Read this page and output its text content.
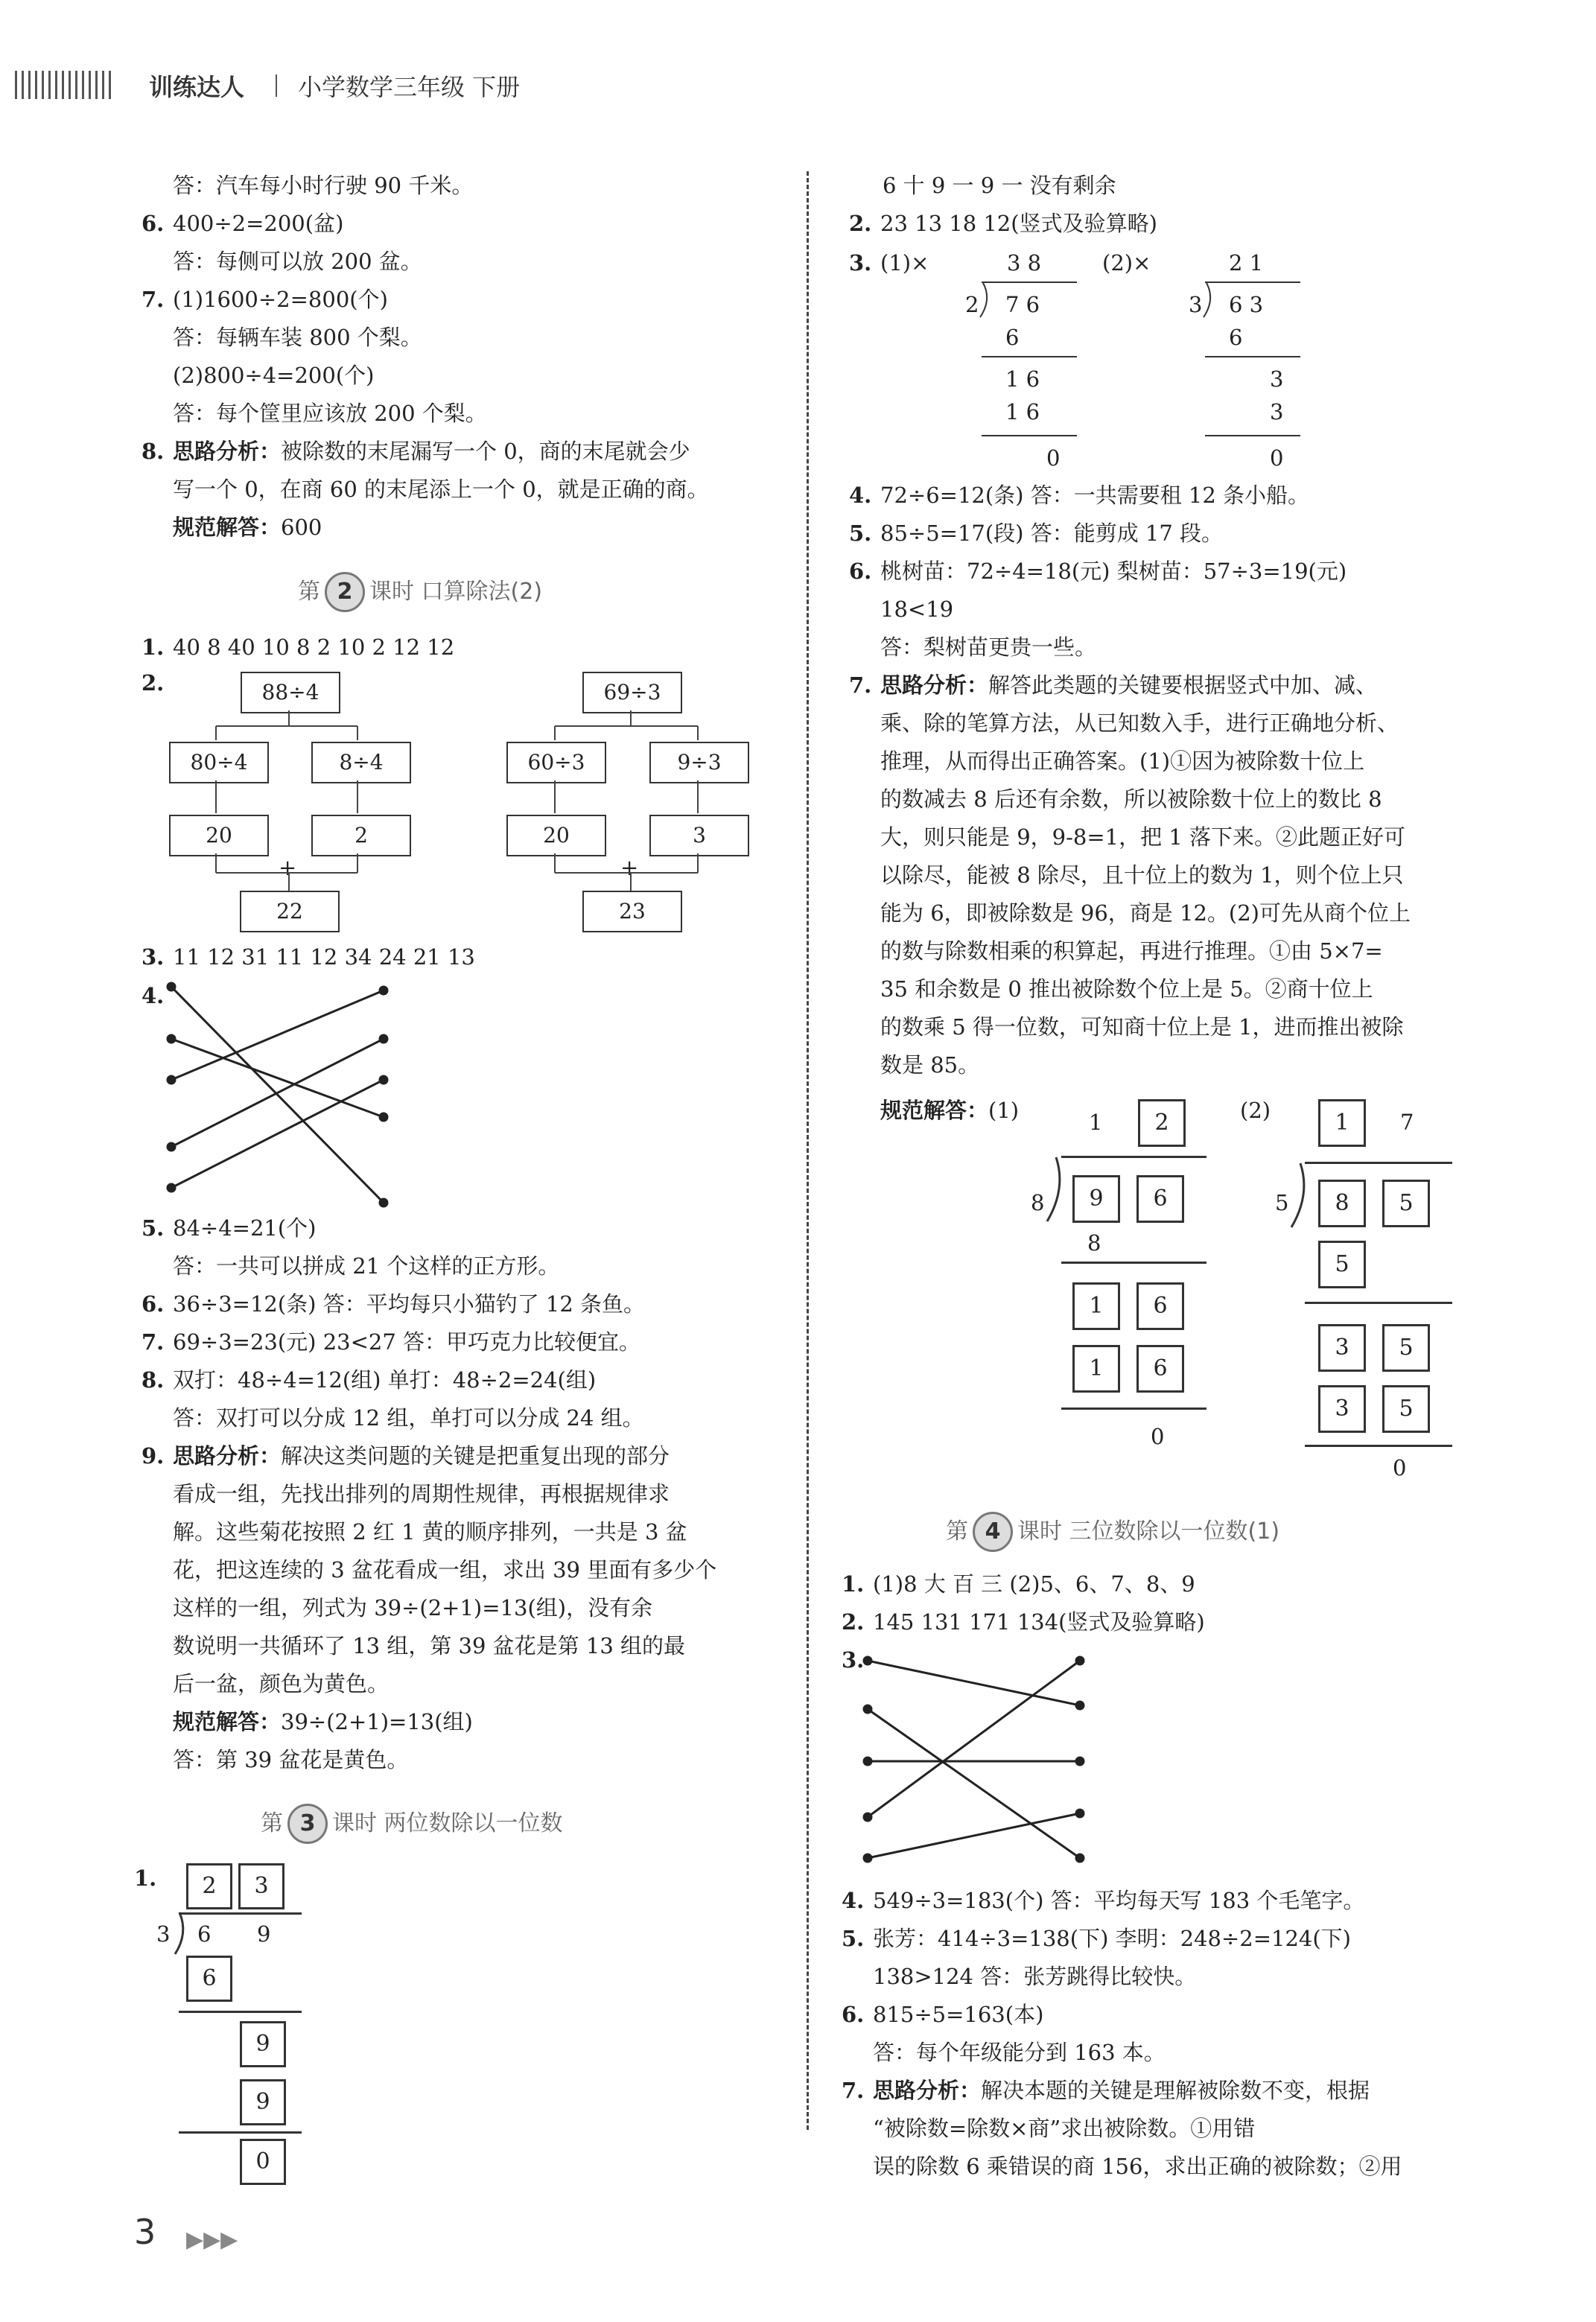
训练达人 小学数学三年级 下册
答：汽车每小时行驶 90 千米。
6. 400÷2=200(盆)
答：每侧可以放 200 盆。
7. (1)1600÷2=800(个)
答：每辆车装 800 个梨。
(2)800÷4=200(个)
答：每个筐里应该放 200 个梨。
8. 思路分析：被除数的末尾漏写一个 0，商的末尾就会少
写一个 0，在商 60 的末尾添上一个 0，就是正确的商。
规范解答：600
第 2 课时 口算除法(2)
1. 40 8 40 10 8 2 10 2 12 12
2.	88÷4
80÷4	8÷4
20	2
+
22
69÷3
60÷3	9÷3
20	3
+
23
3. 11 12 31 11 12 34 24 21 13
4.
5. 84÷4=21(个)
答：一共可以拼成 21 个这样的正方形。
6. 36÷3=12(条) 答：平均每只小猫钓了 12 条鱼。
7. 69÷3=23(元) 23<27 答：甲巧克力比较便宜。
8. 双打：48÷4=12(组) 单打：48÷2=24(组)
答：双打可以分成 12 组，单打可以分成 24 组。
9. 思路分析：解决这类问题的关键是把重复出现的部分
看成一组，先找出排列的周期性规律，再根据规律求
解。这些菊花按照 2 红 1 黄的顺序排列，一共是 3 盆
花，把这连续的 3 盆花看成一组，求出 39 里面有多少个
这样的一组，列式为 39÷(2+1)=13(组)，没有余
数说明一共循环了 13 组，第 39 盆花是第 13 组的最
后一盆，颜色为黄色。
规范解答：39÷(2+1)=13(组)
答：第 39 盆花是黄色。
第 3 课时 两位数除以一位数
1.	2	3
3 6 9
6
9
9
0
6 十 9 一 9 一 没有剩余
2. 23 13 18 12(竖式及验算略)
3. (1)×	(2)×
3 8
2 7 6
6
1 6
1 6
0
2 1
3 6 3
6
3
3
0
4. 72÷6=12(条) 答：一共需要租 12 条小船。
5. 85÷5=17(段) 答：能剪成 17 段。
6. 桃树苗：72÷4=18(元) 梨树苗：57÷3=19(元)
18<19
答：梨树苗更贵一些。
7. 思路分析：解答此类题的关键要根据竖式中加、减、
乘、除的笔算方法，从已知数入手，进行正确地分析、
推理，从而得出正确答案。(1)①因为被除数十位上
的数减去 8 后还有余数，所以被除数十位上的数比 8
大，则只能是 9，9-8=1，把 1 落下来。②此题正好可
以除尽，能被 8 除尽，且十位上的数为 1，则个位上只
能为 6，即被除数是 96，商是 12。(2)可先从商个位上
的数与除数相乘的积算起，再进行推理。①由 5×7=
35 和余数是 0 推出被除数个位上是 5。②商十位上
的数乘 5 得一位数，可知商十位上是 1，进而推出被除
数是 85。
规范解答：(1)	(2)
1	2
8	9	6
8
1	6
1	6
0
1	7
5	8	5
5
3	5
3	5
0
第 4 课时 三位数除以一位数(1)
1. (1)8 大 百 三 (2)5、6、7、8、9
2. 145 131 171 134(竖式及验算略)
3.
4. 549÷3=183(个) 答：平均每天写 183 个毛笔字。
5. 张芳：414÷3=138(下) 李明：248÷2=124(下)
138>124 答：张芳跳得比较快。
6. 815÷5=163(本)
答：每个年级能分到 163 本。
7. 思路分析：解决本题的关键是理解被除数不变，根据
“被除数=除数×商”求出被除数。①用错
误的除数 6 乘错误的商 156，求出正确的被除数；②用
3 ▶▶▶
